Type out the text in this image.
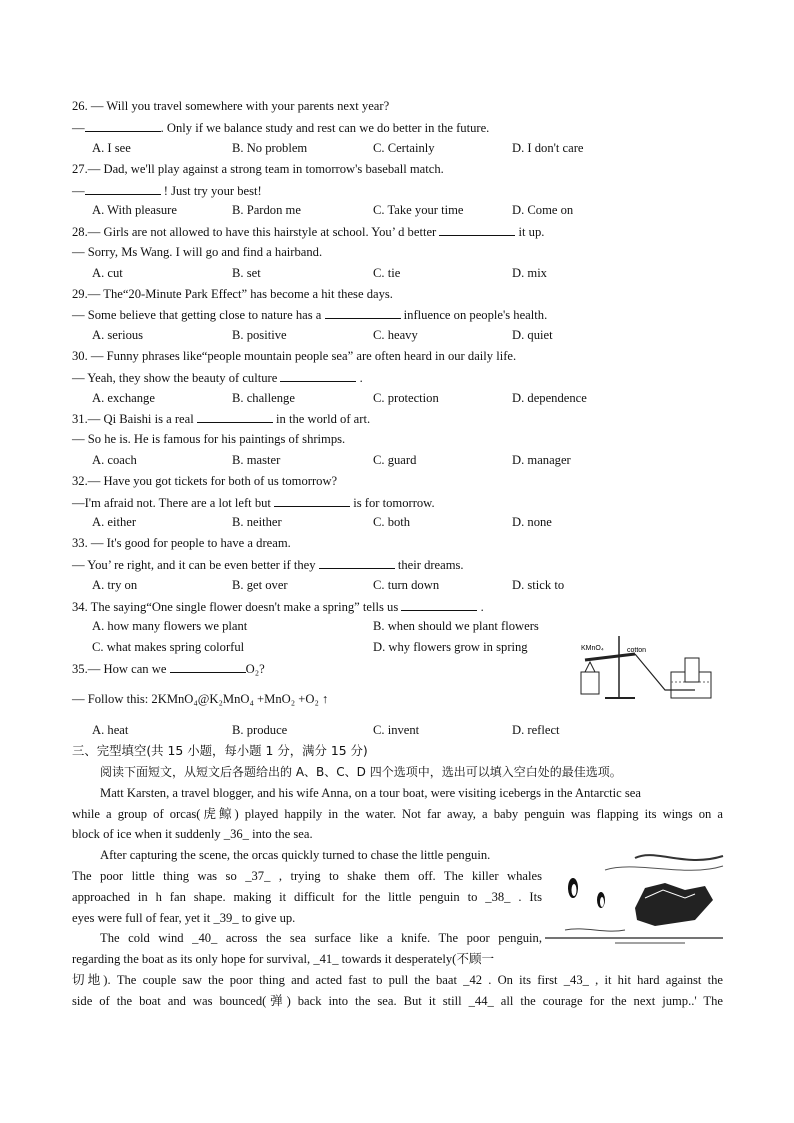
26. — Will you travel somewhere with your parents next year?
—	. Only if we balance study and rest can we do better in the future.
A. I see	B. No problem	C. Certainly	D. I don't care
27.— Dad, we'll play against a strong team in tomorrow's baseball match.
—	! Just try your best!
A. With pleasure	B. Pardon me	C. Take your time	D. Come on
28.— Girls are not allowed to have this hairstyle at school. You’ d better	it up.
— Sorry, Ms Wang. I will go and find a hairband.
A. cut	B. set	C. tie	D. mix
29.— The“20-Minute Park Effect” has become a hit these days.
— Some believe that getting close to nature has a	influence on people's health.
A. serious	B. positive	C. heavy	D. quiet
30. — Funny phrases like“people mountain people sea” are often heard in our daily life.
— Yeah, they show the beauty of culture	.
A. exchange	B. challenge	C. protection	D. dependence
31.— Qi Baishi is a real	in the world of art.
— So he is. He is famous for his paintings of shrimps.
A. coach	B. master	C. guard	D. manager
32.— Have you got tickets for both of us tomorrow?
—I'm afraid not. There are a lot left but	is for tomorrow.
A. either	B. neither	C. both	D. none
33. — It's good for people to have a dream.
— You’ re right, and it can be even better if they	their dreams.
A. try on	B. get over	C. turn down	D. stick to
34. The saying“One single flower doesn't make a spring” tells us	.
A. how many flowers we plant	B. when should we plant flowers
C. what makes spring colorful	D. why flowers grow in spring
35.— How can we	O₂?
— Follow this: 2KMnO₄@K₂MnO₄ +MnO₂ +O₂ ↑
A. heat	B. produce	C. invent	D. reflect
KMnO₄	cotton
三、完型填空(共 15 小题，每小题 1 分，满分 15 分)
阅读下面短文，从短文后各题给出的 A、B、C、D 四个选项中，选出可以填入空白处的最佳选项。
Matt Karsten, a travel blogger, and his wife Anna, on a tour boat, were visiting icebergs in the Antarctic sea
while a group of orcas(虎鲸) played happily in the water. Not far away, a baby penguin was flapping its wings on a
block of ice when it suddenly _36_ into the sea.
After capturing the scene, the orcas quickly turned to chase the little penguin.
The poor little thing was so _37_ , trying to shake them off. The killer whales
approached in h fan shape. making it difficult for the little penguin to _38_ . Its
eyes were full of fear, yet it _39_ to give up.
The cold wind _40_ across the sea surface like a knife. The poor penguin,
regarding the boat as its only hope for survival, _41_ towards it desperately(不顾一
切地). The couple saw the poor thing and acted fast to pull the baat _42 . On its first _43_ , it hit hard against the
side of the boat and was bounced(弹) back into the sea. But it still _44_ all the courage for the next jump..' The
